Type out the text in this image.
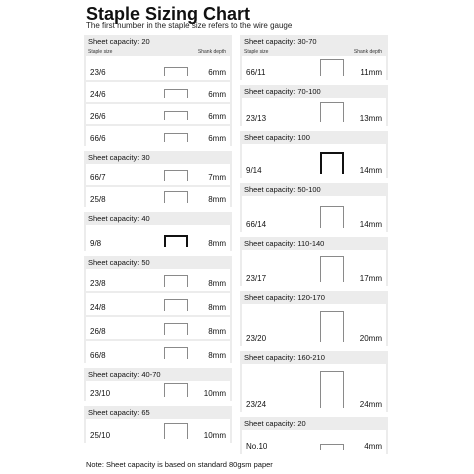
Staple Sizing Chart
The first number in the staple size refers to the wire gauge
Sheet capacity: 20
Staple size	Shank depth
23/6	6mm
24/6	6mm
26/6	6mm
66/6	6mm
Sheet capacity: 30
66/7	7mm
25/8	8mm
Sheet capacity: 40
9/8	8mm
Sheet capacity: 50
23/8	8mm
24/8	8mm
26/8	8mm
66/8	8mm
Sheet capacity: 40-70
23/10	10mm
Sheet capacity: 65
25/10	10mm
Sheet capacity: 30-70
Staple size	Shank depth
66/11	11mm
Sheet capacity: 70-100
23/13	13mm
Sheet capacity: 100
9/14	14mm
Sheet capacity: 50-100
66/14	14mm
Sheet capacity: 110-140
23/17	17mm
Sheet capacity: 120-170
23/20	20mm
Sheet capacity: 160-210
23/24	24mm
Sheet capacity: 20
No.10	4mm
Note: Sheet capacity is based on standard 80gsm paper
